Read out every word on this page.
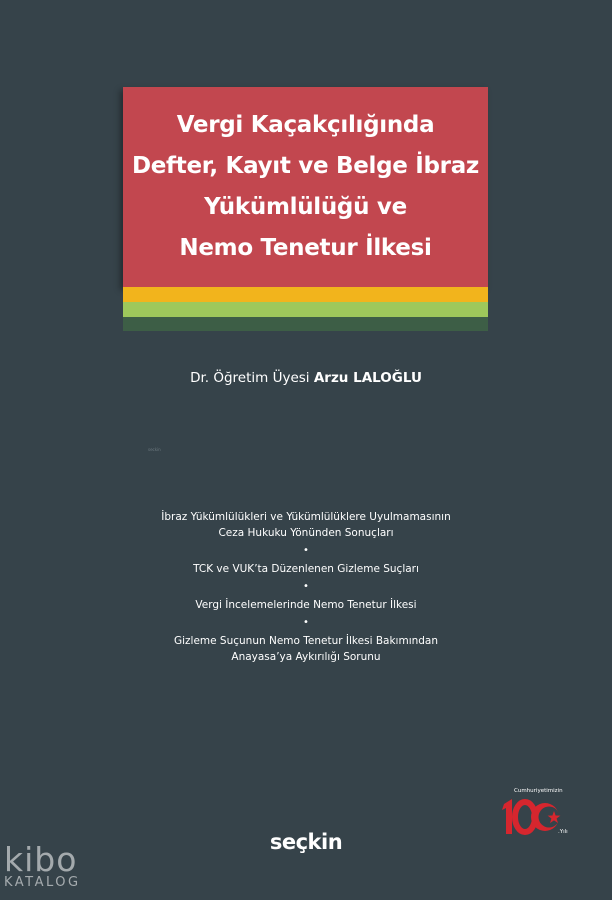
Vergi Kaçakçılığında
Defter, Kayıt ve Belge İbraz
Yükümlülüğü ve
Nemo Tenetur İlkesi
Dr. Öğretim Üyesi Arzu LALOĞLU
seckin
İbraz Yükümlülükleri ve Yükümlülüklere Uyulmamasının
Ceza Hukuku Yönünden Sonuçları
•
TCK ve VUK’ta Düzenlenen Gizleme Suçları
•
Vergi İncelemelerinde Nemo Tenetur İlkesi
•
Gizleme Suçunun Nemo Tenetur İlkesi Bakımından
Anayasa’ya Aykırılığı Sorunu
Cumhuriyetimizin
.Yılı
seçkin
kibo
KATALOG
